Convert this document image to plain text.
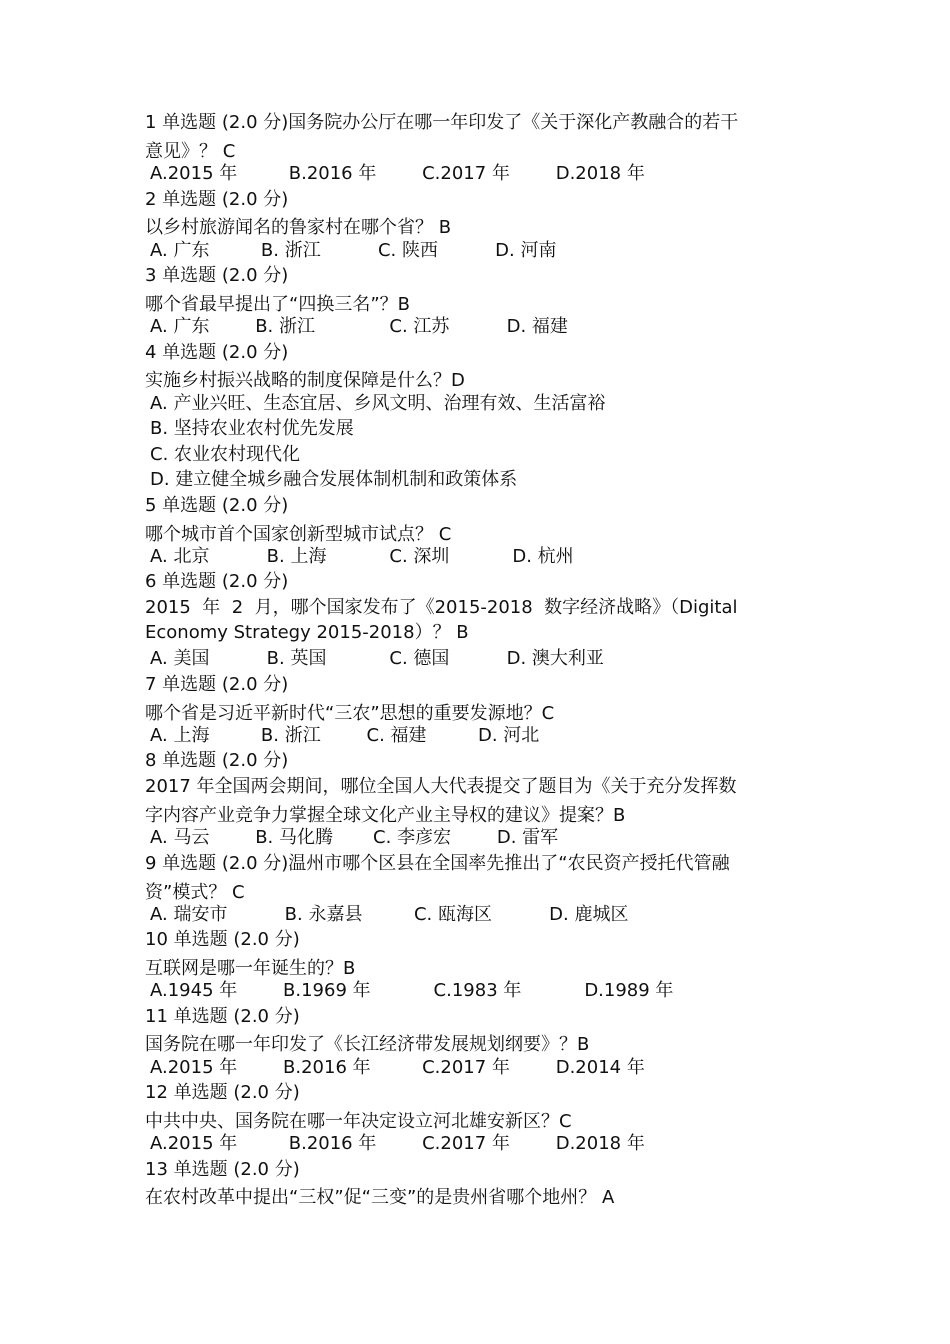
1 单选题 (2.0 分)国务院办公厅在哪一年印发了《关于深化产教融合的若干
意见》？ C
A.2015 年         B.2016 年        C.2017 年        D.2018 年
2 单选题 (2.0 分)
以乡村旅游闻名的鲁家村在哪个省？ B
A. 广东         B. 浙江          C. 陕西          D. 河南
3 单选题 (2.0 分)
哪个省最早提出了“四换三名”？B
A. 广东        B. 浙江             C. 江苏          D. 福建
4 单选题 (2.0 分)
实施乡村振兴战略的制度保障是什么？D
A. 产业兴旺、生态宜居、乡风文明、治理有效、生活富裕
B. 坚持农业农村优先发展
C. 农业农村现代化
D. 建立健全城乡融合发展体制机制和政策体系
5 单选题 (2.0 分)
哪个城市首个国家创新型城市试点？ C
A. 北京          B. 上海           C. 深圳           D. 杭州
6 单选题 (2.0 分)
2015  年  2  月，哪个国家发布了《2015-2018  数字经济战略》（Digital
Economy Strategy 2015-2018）？ B
A. 美国          B. 英国           C. 德国          D. 澳大利亚
7 单选题 (2.0 分)
哪个省是习近平新时代“三农”思想的重要发源地？C
A. 上海         B. 浙江        C. 福建         D. 河北
8 单选题 (2.0 分)
2017 年全国两会期间，哪位全国人大代表提交了题目为《关于充分发挥数
字内容产业竞争力掌握全球文化产业主导权的建议》提案？B
A. 马云        B. 马化腾       C. 李彦宏        D. 雷军
9 单选题 (2.0 分)温州市哪个区县在全国率先推出了“农民资产授托代管融
资”模式？ C
A. 瑞安市          B. 永嘉县         C. 瓯海区          D. 鹿城区
10 单选题 (2.0 分)
互联网是哪一年诞生的？B
A.1945 年        B.1969 年           C.1983 年           D.1989 年
11 单选题 (2.0 分)
国务院在哪一年印发了《长江经济带发展规划纲要》？B
A.2015 年        B.2016 年         C.2017 年        D.2014 年
12 单选题 (2.0 分)
中共中央、国务院在哪一年决定设立河北雄安新区？C
A.2015 年         B.2016 年        C.2017 年        D.2018 年
13 单选题 (2.0 分)
在农村改革中提出“三权”促“三变”的是贵州省哪个地州？ A
